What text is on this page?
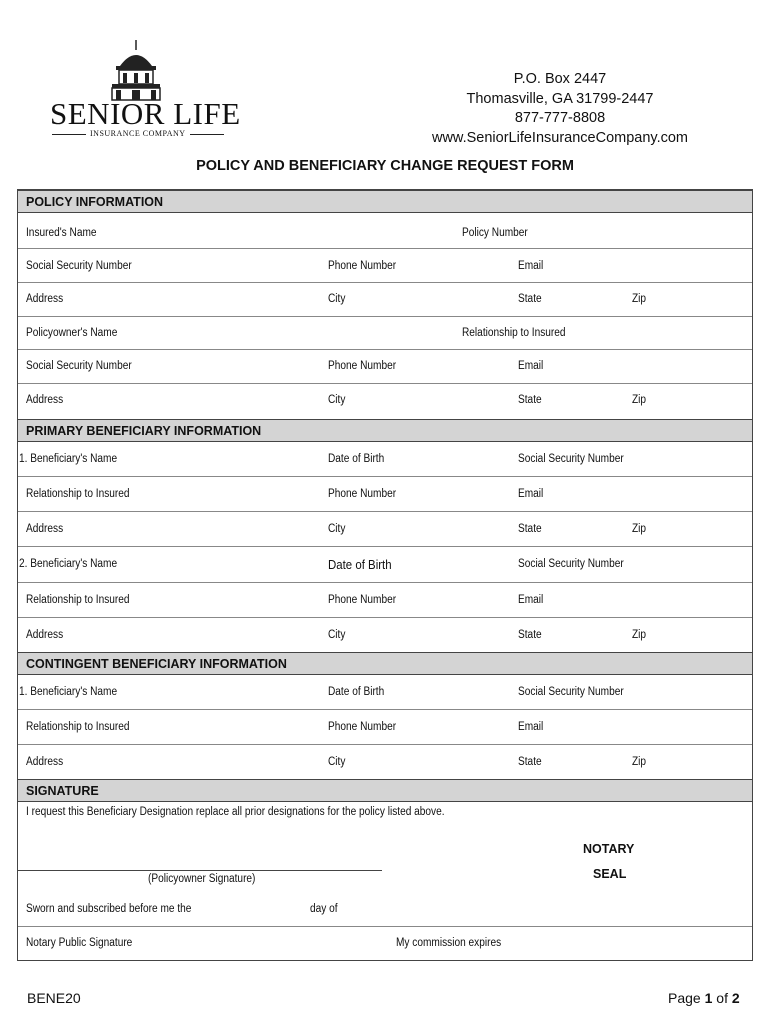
SENIOR LIFE
INSURANCE COMPANY
P.O. Box 2447
Thomasville, GA 31799-2447
877-777-8808
www.SeniorLifeInsuranceCompany.com
POLICY AND BENEFICIARY CHANGE REQUEST FORM
POLICY INFORMATION
Insured's Name	Policy Number
Social Security Number	Phone Number	Email
Address	City	State	Zip
Policyowner's Name	Relationship to Insured
Social Security Number	Phone Number	Email
Address	City	State	Zip
PRIMARY BENEFICIARY INFORMATION
1. Beneficiary's Name	Date of Birth	Social Security Number
Relationship to Insured	Phone Number	Email
Address	City	State	Zip
2. Beneficiary's Name	Date of Birth	Social Security Number
Relationship to Insured	Phone Number	Email
Address	City	State	Zip
CONTINGENT BENEFICIARY INFORMATION
1. Beneficiary's Name	Date of Birth	Social Security Number
Relationship to Insured	Phone Number	Email
Address	City	State	Zip
SIGNATURE
I request this Beneficiary Designation replace all prior designations for the policy listed above.
(Policyowner Signature)
NOTARY
SEAL
Sworn and subscribed before me the	day of
Notary Public Signature	My commission expires
BENE20	Page 1 of 2
